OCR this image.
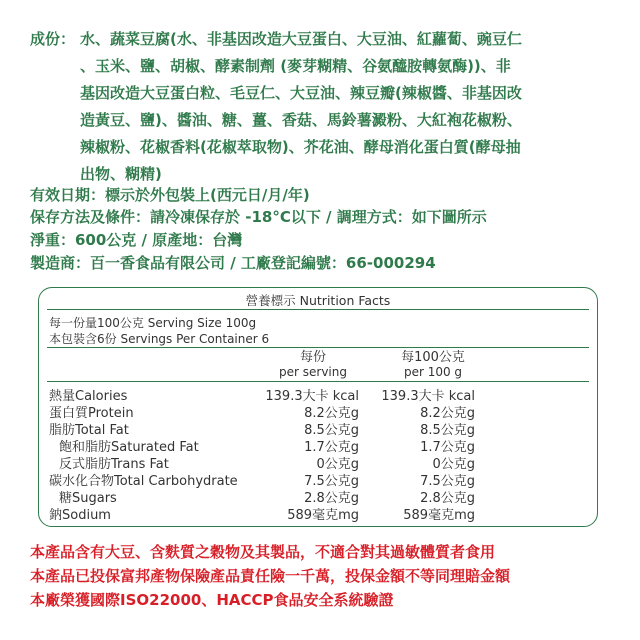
成份： 水、蔬菜豆腐(水、非基因改造大豆蛋白、大豆油、紅蘿蔔、豌豆仁
、玉米、鹽、胡椒、酵素制劑 (麥芽糊精、谷氨醯胺轉氨酶))、非
基因改造大豆蛋白粒、毛豆仁、大豆油、辣豆瓣(辣椒醬、非基因改
造黃豆、鹽)、醬油、糖、薑、香菇、馬鈴薯澱粉、大紅袍花椒粉、
辣椒粉、花椒香料(花椒萃取物)、芥花油、酵母消化蛋白質(酵母抽
出物、糊精)
有效日期：標示於外包裝上(西元日/月/年)
保存方法及條件：請冷凍保存於 -18°C以下 / 調理方式：如下圖所示
淨重：600公克 / 原產地：台灣
製造商：百一香食品有限公司 / 工廠登記編號：66-000294
營養標示 Nutrition Facts
每一份量100公克 Serving Size 100g
本包裝含6份 Servings Per Container 6
每份
per serving
每100公克
per 100 g
熱量Calories	139.3大卡 kcal	139.3大卡 kcal
蛋白質Protein	8.2公克g	8.2公克g
脂肪Total Fat	8.5公克g	8.5公克g
飽和脂肪Saturated Fat	1.7公克g	1.7公克g
反式脂肪Trans Fat	0公克g	0公克g
碳水化合物Total Carbohydrate	7.5公克g	7.5公克g
糖Sugars	2.8公克g	2.8公克g
鈉Sodium	589毫克mg	589毫克mg
本產品含有大豆、含麩質之穀物及其製品，不適合對其過敏體質者食用
本產品已投保富邦產物保險產品責任險一千萬，投保金額不等同理賠金額
本廠榮獲國際ISO22000、HACCP食品安全系統驗證
